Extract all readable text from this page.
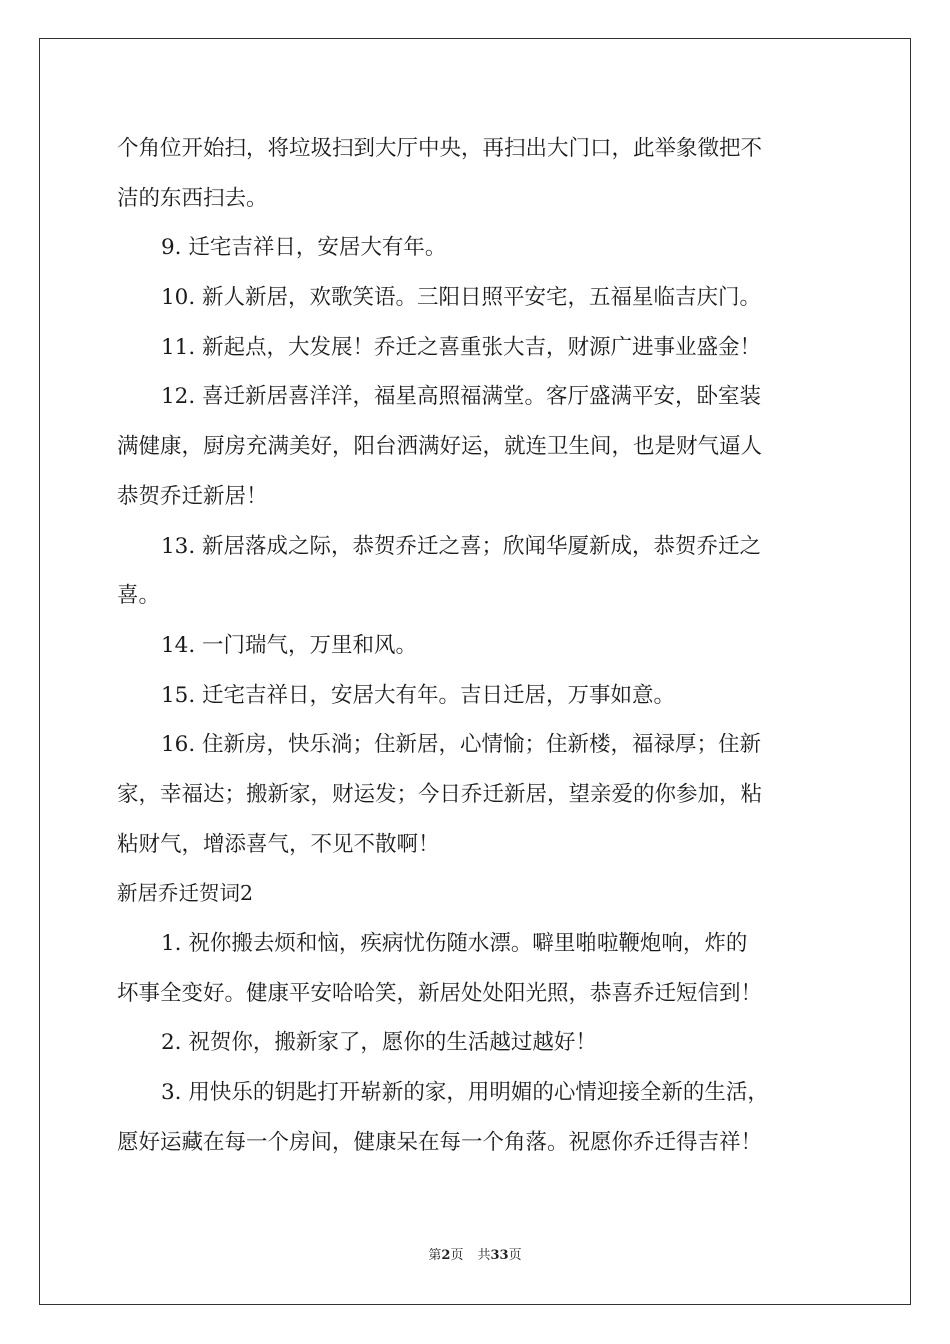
个角位开始扫，将垃圾扫到大厅中央，再扫出大门口，此举象徵把不
洁的东西扫去。
9. 迁宅吉祥日，安居大有年。
10. 新人新居，欢歌笑语。三阳日照平安宅，五福星临吉庆门。
11. 新起点，大发展！乔迁之喜重张大吉，财源广进事业盛金！
12. 喜迁新居喜洋洋，福星高照福满堂。客厅盛满平安，卧室装
满健康，厨房充满美好，阳台洒满好运，就连卫生间，也是财气逼人
恭贺乔迁新居！
13. 新居落成之际，恭贺乔迁之喜；欣闻华厦新成，恭贺乔迁之
喜。
14. 一门瑞气，万里和风。
15. 迁宅吉祥日，安居大有年。吉日迁居，万事如意。
16. 住新房，快乐淌；住新居，心情愉；住新楼，福禄厚；住新
家，幸福达；搬新家，财运发；今日乔迁新居，望亲爱的你参加，粘
粘财气，增添喜气，不见不散啊！
新居乔迁贺词2
1. 祝你搬去烦和恼，疾病忧伤随水漂。噼里啪啦鞭炮响，炸的
坏事全变好。健康平安哈哈笑，新居处处阳光照，恭喜乔迁短信到！
2. 祝贺你，搬新家了，愿你的生活越过越好！
3. 用快乐的钥匙打开崭新的家，用明媚的心情迎接全新的生活，
愿好运藏在每一个房间，健康呆在每一个角落。祝愿你乔迁得吉祥！
第2页 共33页
